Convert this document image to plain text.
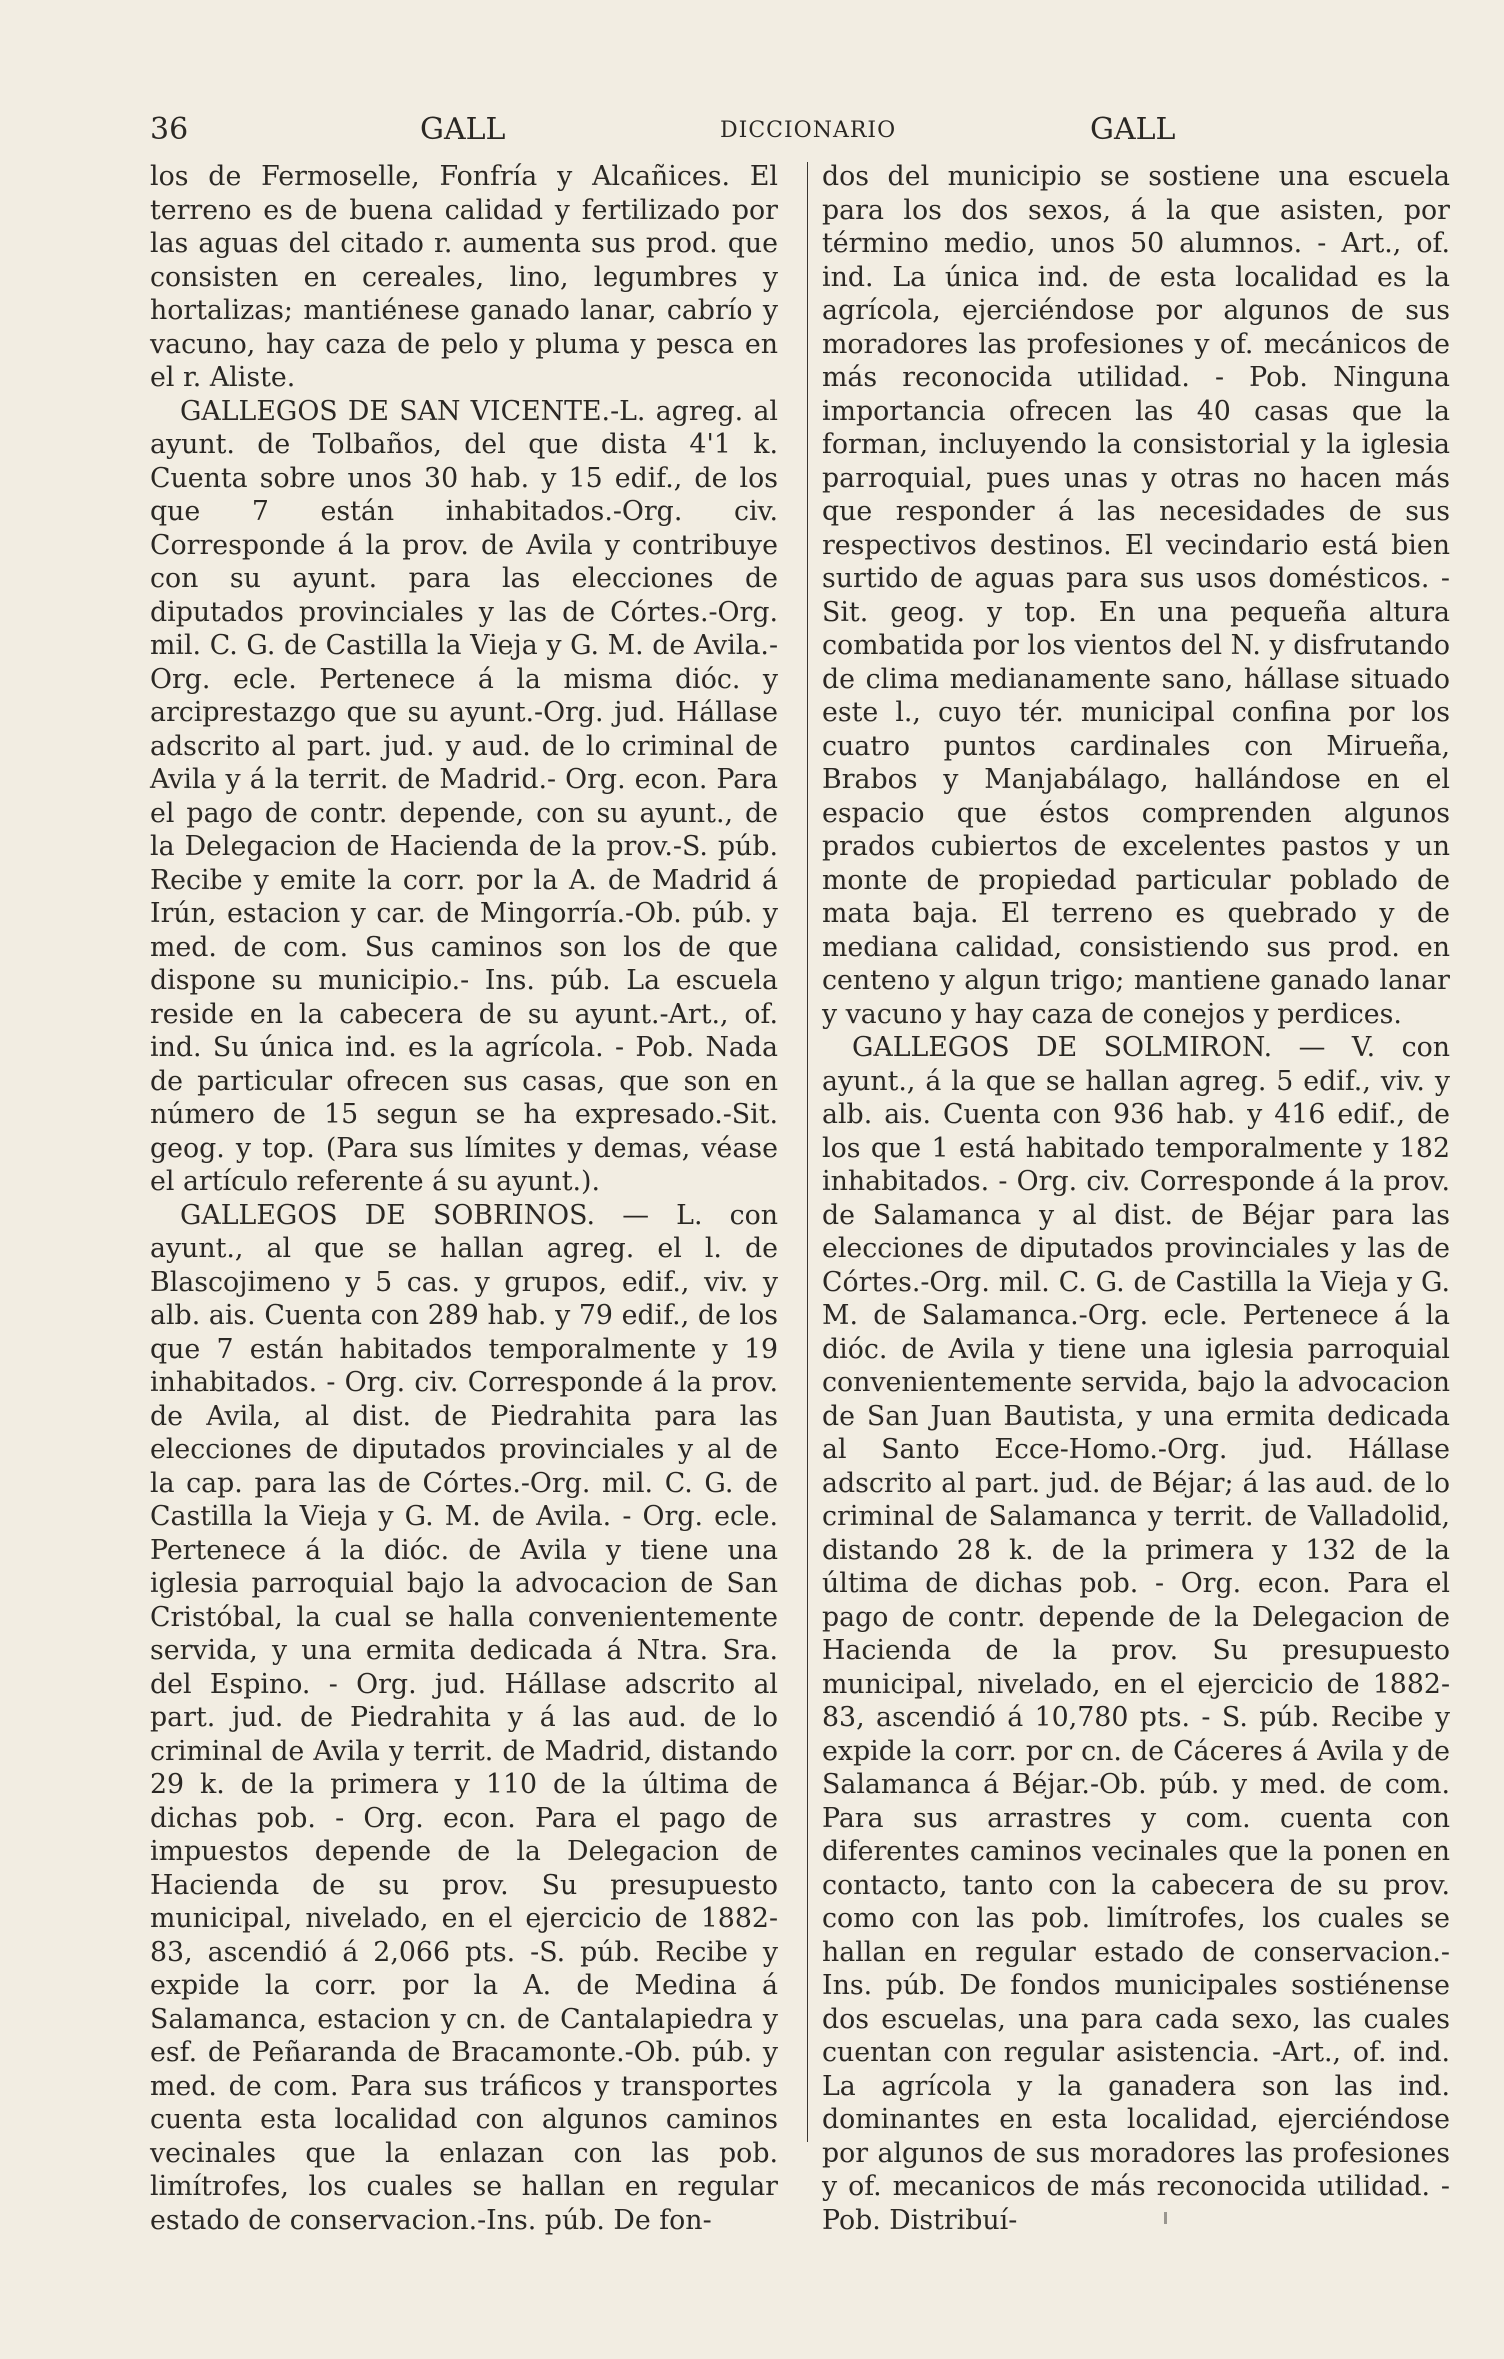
36	GALL	DICCIONARIO	GALL

los de Fermoselle, Fonfría y Alcañices. El terreno es de buena calidad y fertilizado por las aguas del citado r. aumenta sus prod. que consisten en cereales, lino, legumbres y hortalizas; mantiénese ganado lanar, cabrío y vacuno, hay caza de pelo y pluma y pesca en el r. Aliste.

GALLEGOS DE SAN VICENTE.-L. agreg. al ayunt. de Tolbaños, del que dista 4'1 k. Cuenta sobre unos 30 hab. y 15 edif., de los que 7 están inhabitados.-Org. civ. Corresponde á la prov. de Avila y contribuye con su ayunt. para las elecciones de diputados provinciales y las de Córtes.-Org. mil. C. G. de Castilla la Vieja y G. M. de Avila.-Org. ecle. Pertenece á la misma dióc. y arciprestazgo que su ayunt.-Org. jud. Hállase adscrito al part. jud. y aud. de lo criminal de Avila y á la territ. de Madrid.- Org. econ. Para el pago de contr. depende, con su ayunt., de la Delegacion de Hacienda de la prov.-S. púb. Recibe y emite la corr. por la A. de Madrid á Irún, estacion y car. de Mingorría.-Ob. púb. y med. de com. Sus caminos son los de que dispone su municipio.- Ins. púb. La escuela reside en la cabecera de su ayunt.-Art., of. ind. Su única ind. es la agrícola. - Pob. Nada de particular ofrecen sus casas, que son en número de 15 segun se ha expresado.-Sit. geog. y top. (Para sus límites y demas, véase el artículo referente á su ayunt.).

GALLEGOS DE SOBRINOS. — L. con ayunt., al que se hallan agreg. el l. de Blascojimeno y 5 cas. y grupos, edif., viv. y alb. ais. Cuenta con 289 hab. y 79 edif., de los que 7 están habitados temporalmente y 19 inhabitados. - Org. civ. Corresponde á la prov. de Avila, al dist. de Piedrahita para las elecciones de diputados provinciales y al de la cap. para las de Córtes.-Org. mil. C. G. de Castilla la Vieja y G. M. de Avila. - Org. ecle. Pertenece á la dióc. de Avila y tiene una iglesia parroquial bajo la advocacion de San Cristóbal, la cual se halla convenientemente servida, y una ermita dedicada á Ntra. Sra. del Espino. - Org. jud. Hállase adscrito al part. jud. de Piedrahita y á las aud. de lo criminal de Avila y territ. de Madrid, distando 29 k. de la primera y 110 de la última de dichas pob. - Org. econ. Para el pago de impuestos depende de la Delegacion de Hacienda de su prov. Su presupuesto municipal, nivelado, en el ejercicio de 1882-83, ascendió á 2,066 pts. -S. púb. Recibe y expide la corr. por la A. de Medina á Salamanca, estacion y cn. de Cantalapiedra y esf. de Peñaranda de Bracamonte.-Ob. púb. y med. de com. Para sus tráficos y transportes cuenta esta localidad con algunos caminos vecinales que la enlazan con las pob. limítrofes, los cuales se hallan en regular estado de conservacion.-Ins. púb. De fon-

dos del municipio se sostiene una escuela para los dos sexos, á la que asisten, por término medio, unos 50 alumnos. - Art., of. ind. La única ind. de esta localidad es la agrícola, ejerciéndose por algunos de sus moradores las profesiones y of. mecánicos de más reconocida utilidad. - Pob. Ninguna importancia ofrecen las 40 casas que la forman, incluyendo la consistorial y la iglesia parroquial, pues unas y otras no hacen más que responder á las necesidades de sus respectivos destinos. El vecindario está bien surtido de aguas para sus usos domésticos. - Sit. geog. y top. En una pequeña altura combatida por los vientos del N. y disfrutando de clima medianamente sano, hállase situado este l., cuyo tér. municipal confina por los cuatro puntos cardinales con Mirueña, Brabos y Manjabálago, hallándose en el espacio que éstos comprenden algunos prados cubiertos de excelentes pastos y un monte de propiedad particular poblado de mata baja. El terreno es quebrado y de mediana calidad, consistiendo sus prod. en centeno y algun trigo; mantiene ganado lanar y vacuno y hay caza de conejos y perdices.

GALLEGOS DE SOLMIRON. — V. con ayunt., á la que se hallan agreg. 5 edif., viv. y alb. ais. Cuenta con 936 hab. y 416 edif., de los que 1 está habitado temporalmente y 182 inhabitados. - Org. civ. Corresponde á la prov. de Salamanca y al dist. de Béjar para las elecciones de diputados provinciales y las de Córtes.-Org. mil. C. G. de Castilla la Vieja y G. M. de Salamanca.-Org. ecle. Pertenece á la dióc. de Avila y tiene una iglesia parroquial convenientemente servida, bajo la advocacion de San Juan Bautista, y una ermita dedicada al Santo Ecce-Homo.-Org. jud. Hállase adscrito al part. jud. de Béjar; á las aud. de lo criminal de Salamanca y territ. de Valladolid, distando 28 k. de la primera y 132 de la última de dichas pob. - Org. econ. Para el pago de contr. depende de la Delegacion de Hacienda de la prov. Su presupuesto municipal, nivelado, en el ejercicio de 1882-83, ascendió á 10,780 pts. - S. púb. Recibe y expide la corr. por cn. de Cáceres á Avila y de Salamanca á Béjar.-Ob. púb. y med. de com. Para sus arrastres y com. cuenta con diferentes caminos vecinales que la ponen en contacto, tanto con la cabecera de su prov. como con las pob. limítrofes, los cuales se hallan en regular estado de conservacion.-Ins. púb. De fondos municipales sostiénense dos escuelas, una para cada sexo, las cuales cuentan con regular asistencia. -Art., of. ind. La agrícola y la ganadera son las ind. dominantes en esta localidad, ejerciéndose por algunos de sus moradores las profesiones y of. mecanicos de más reconocida utilidad. - Pob. Distribuí-
